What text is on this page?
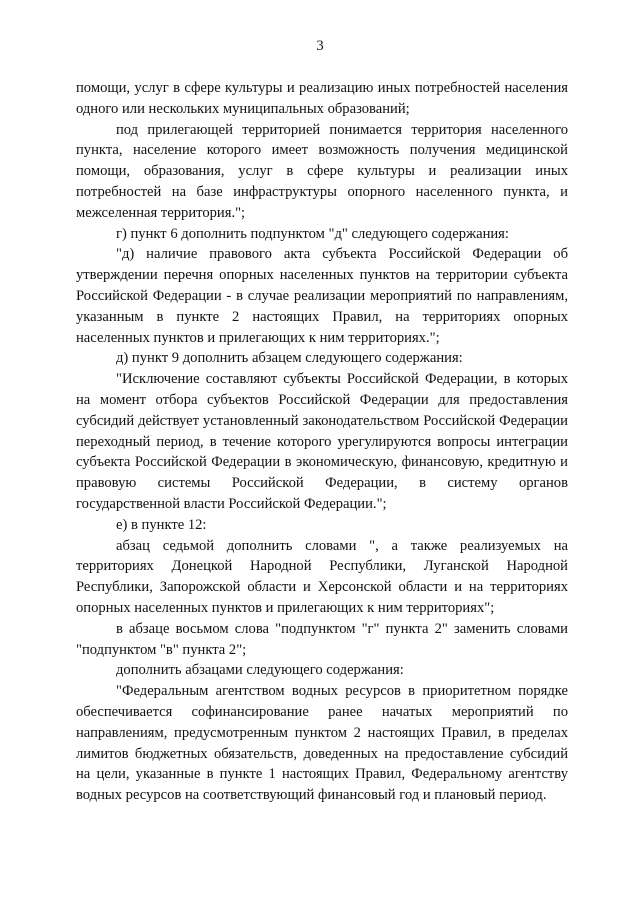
3

помощи, услуг в сфере культуры и реализацию иных потребностей населения одного или нескольких муниципальных образований;

под прилегающей территорией понимается территория населенного пункта, население которого имеет возможность получения медицинской помощи, образования, услуг в сфере культуры и реализации иных потребностей на базе инфраструктуры опорного населенного пункта, и межселенная территория.";

г) пункт 6 дополнить подпунктом "д" следующего содержания:

"д) наличие правового акта субъекта Российской Федерации об утверждении перечня опорных населенных пунктов на территории субъекта Российской Федерации - в случае реализации мероприятий по направлениям, указанным в пункте 2 настоящих Правил, на территориях опорных населенных пунктов и прилегающих к ним территориях.";

д) пункт 9 дополнить абзацем следующего содержания:

"Исключение составляют субъекты Российской Федерации, в которых на момент отбора субъектов Российской Федерации для предоставления субсидий действует установленный законодательством Российской Федерации переходный период, в течение которого урегулируются вопросы интеграции субъекта Российской Федерации в экономическую, финансовую, кредитную и правовую системы Российской Федерации, в систему органов государственной власти Российской Федерации.";

е) в пункте 12:

абзац седьмой дополнить словами ", а также реализуемых на территориях Донецкой Народной Республики, Луганской Народной Республики, Запорожской области и Херсонской области и на территориях опорных населенных пунктов и прилегающих к ним территориях";

в абзаце восьмом слова "подпунктом "г" пункта 2" заменить словами "подпунктом "в" пункта 2";

дополнить абзацами следующего содержания:

"Федеральным агентством водных ресурсов в приоритетном порядке обеспечивается софинансирование ранее начатых мероприятий по направлениям, предусмотренным пунктом 2 настоящих Правил, в пределах лимитов бюджетных обязательств, доведенных на предоставление субсидий на цели, указанные в пункте 1 настоящих Правил, Федеральному агентству водных ресурсов на соответствующий финансовый год и плановый период.
